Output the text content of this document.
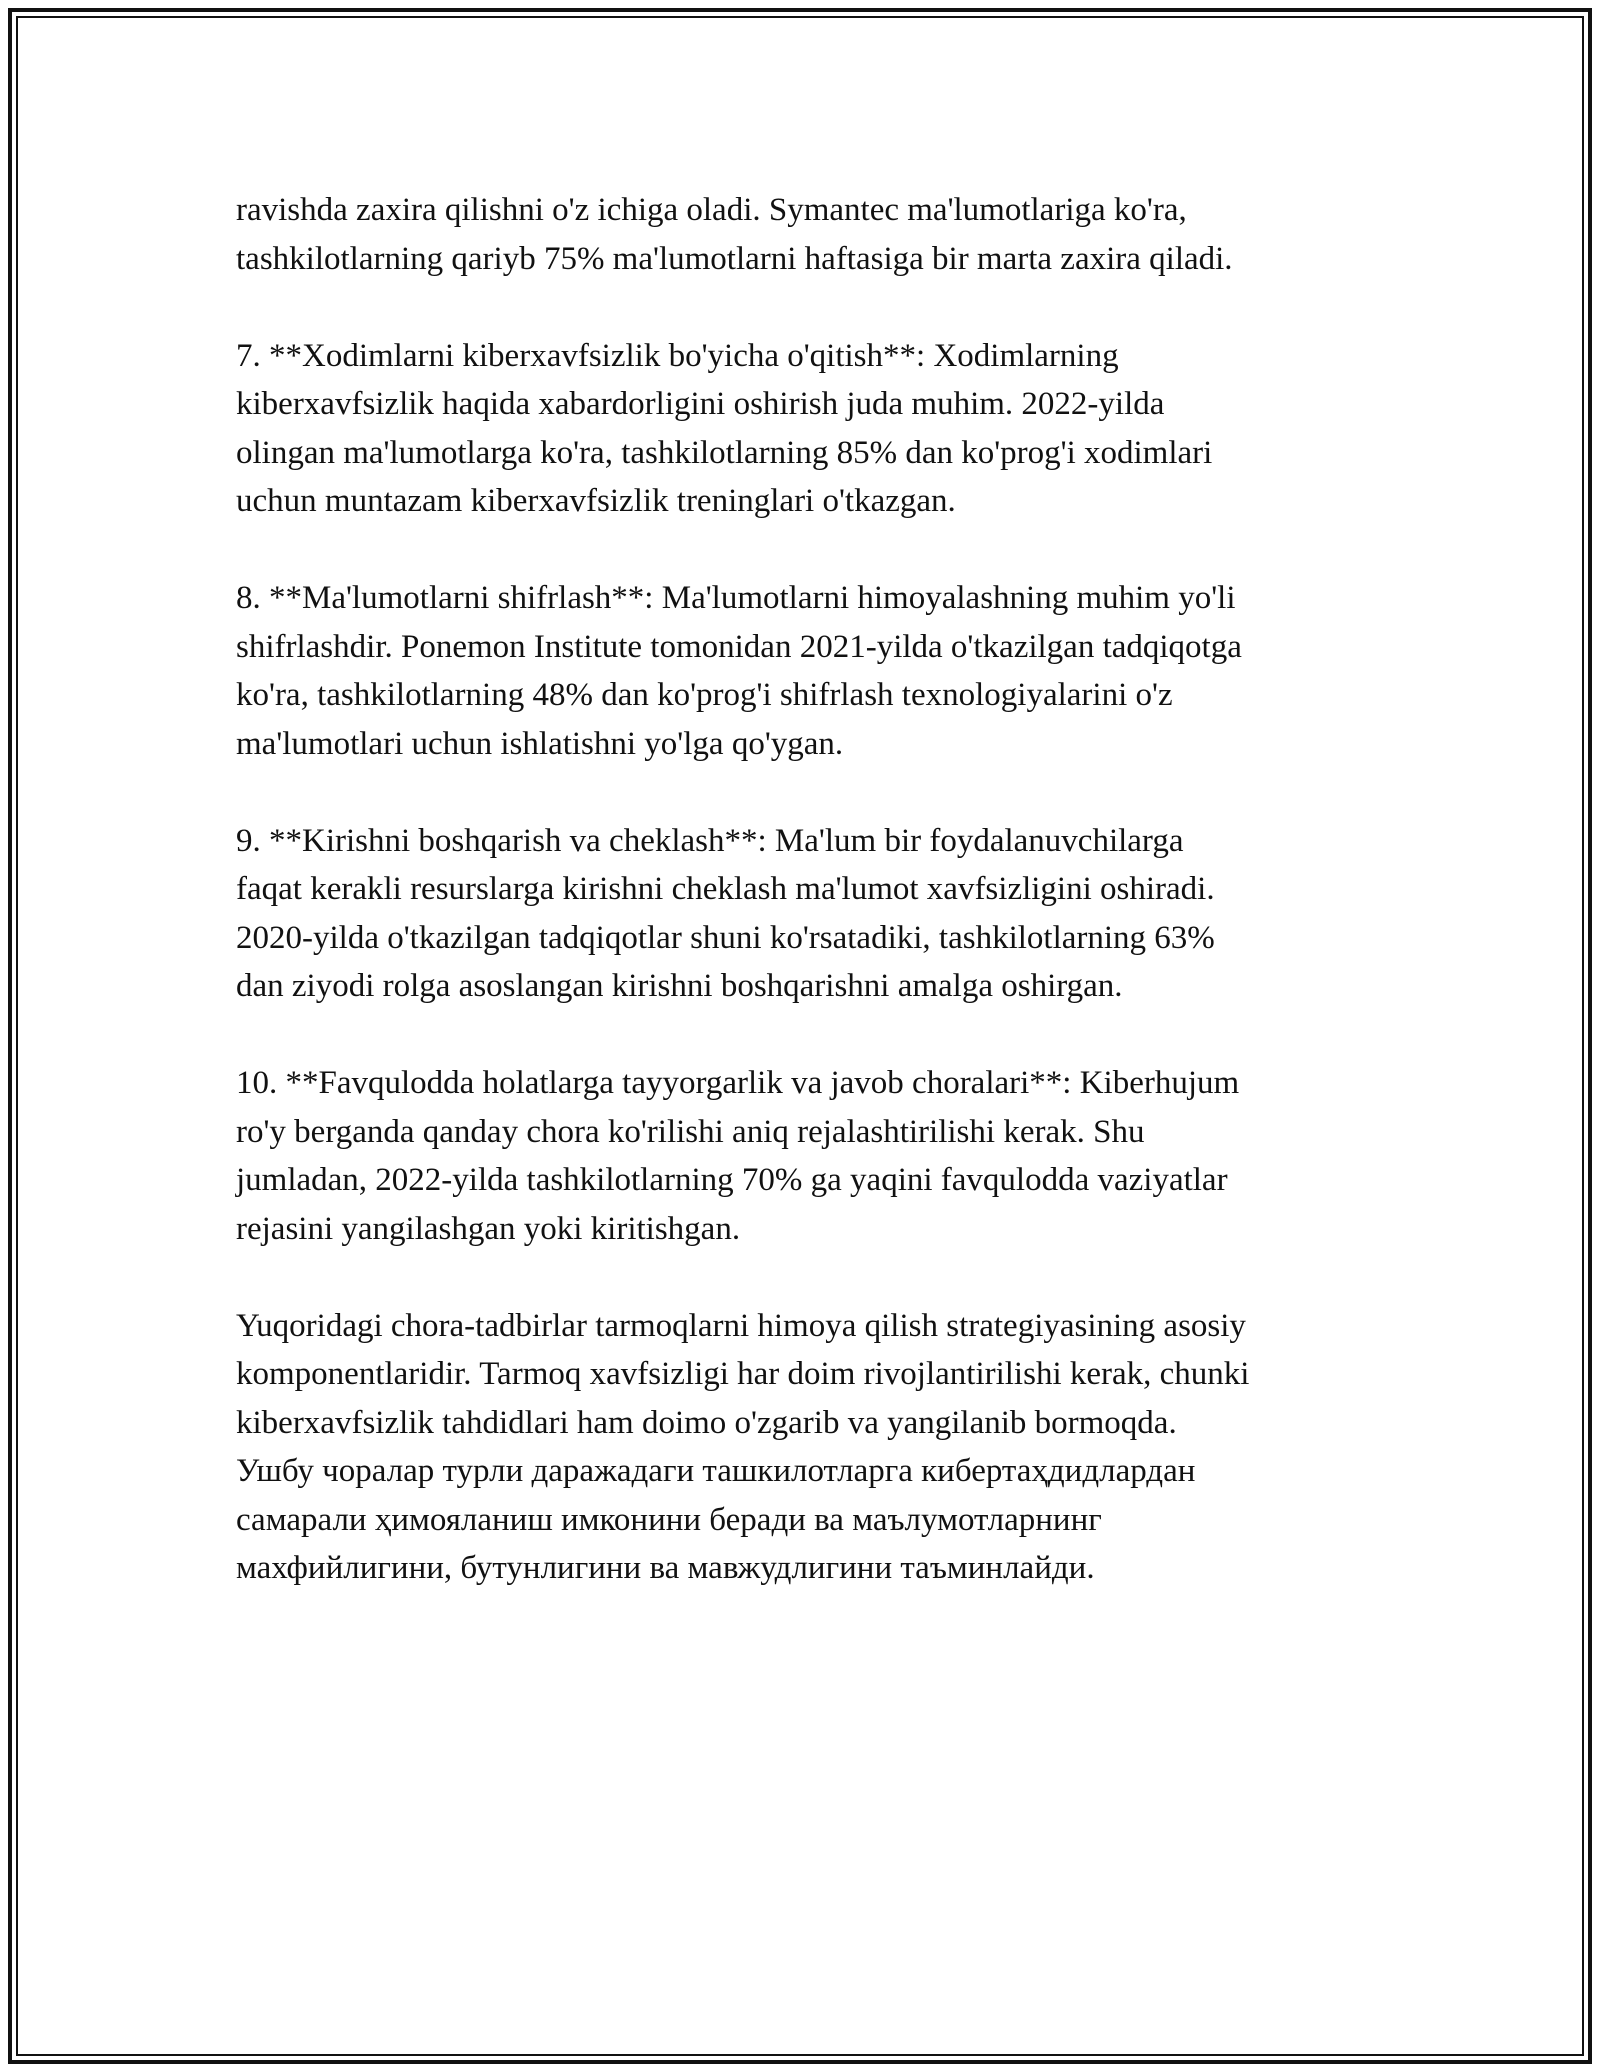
ravishda zaxira qilishni o'z ichiga oladi. Symantec ma'lumotlariga ko'ra,
tashkilotlarning qariyb 75% ma'lumotlarni haftasiga bir marta zaxira qiladi.

7. **Xodimlarni kiberxavfsizlik bo'yicha o'qitish**: Xodimlarning
kiberxavfsizlik haqida xabardorligini oshirish juda muhim. 2022-yilda
olingan ma'lumotlarga ko'ra, tashkilotlarning 85% dan ko'prog'i xodimlari
uchun muntazam kiberxavfsizlik treninglari o'tkazgan.

8. **Ma'lumotlarni shifrlash**: Ma'lumotlarni himoyalashning muhim yo'li
shifrlashdir. Ponemon Institute tomonidan 2021-yilda o'tkazilgan tadqiqotga
ko'ra, tashkilotlarning 48% dan ko'prog'i shifrlash texnologiyalarini o'z
ma'lumotlari uchun ishlatishni yo'lga qo'ygan.

9. **Kirishni boshqarish va cheklash**: Ma'lum bir foydalanuvchilarga
faqat kerakli resurslarga kirishni cheklash ma'lumot xavfsizligini oshiradi.
2020-yilda o'tkazilgan tadqiqotlar shuni ko'rsatadiki, tashkilotlarning 63%
dan ziyodi rolga asoslangan kirishni boshqarishni amalga oshirgan.

10. **Favqulodda holatlarga tayyorgarlik va javob choralari**: Kiberhujum
ro'y berganda qanday chora ko'rilishi aniq rejalashtirilishi kerak. Shu
jumladan, 2022-yilda tashkilotlarning 70% ga yaqini favqulodda vaziyatlar
rejasini yangilashgan yoki kiritishgan.

Yuqoridagi chora-tadbirlar tarmoqlarni himoya qilish strategiyasining asosiy
komponentlaridir. Tarmoq xavfsizligi har doim rivojlantirilishi kerak, chunki
kiberxavfsizlik tahdidlari ham doimo o'zgarib va yangilanib bormoqda.
Ушбу чоралар турли даражадаги ташкилотларга кибертаҳдидлардан
самарали ҳимояланиш имконини беради ва маълумотларнинг
махфийлигини, бутунлигини ва мавжудлигини таъминлайди.
